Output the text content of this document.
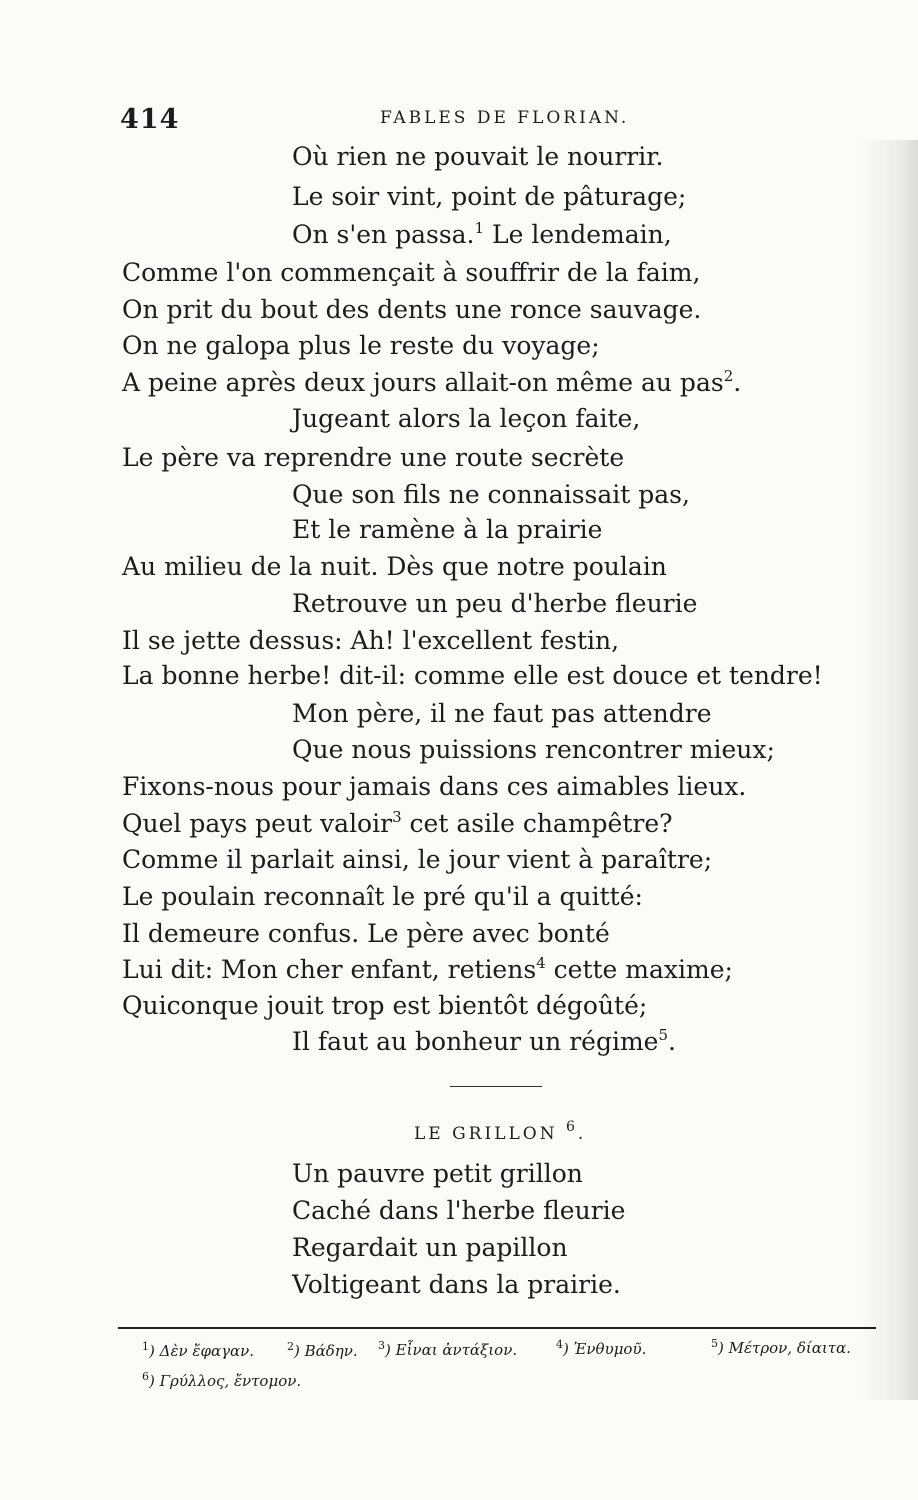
414	FABLES DE FLORIAN.
Où rien ne pouvait le nourrir.
Le soir vint, point de pâturage;
On s'en passa.$^1$ Le lendemain,
Comme l'on commençait à souffrir de la faim,
On prit du bout des dents une ronce sauvage.
On ne galopa plus le reste du voyage;
A peine après deux jours allait-on même au pas$^2$.
Jugeant alors la leçon faite,
Le père va reprendre une route secrète
Que son fils ne connaissait pas,
Et le ramène à la prairie
Au milieu de la nuit. Dès que notre poulain
Retrouve un peu d'herbe fleurie
Il se jette dessus: Ah! l'excellent festin,
La bonne herbe! dit-il: comme elle est douce et tendre!
Mon père, il ne faut pas attendre
Que nous puissions rencontrer mieux;
Fixons-nous pour jamais dans ces aimables lieux.
Quel pays peut valoir$^3$ cet asile champêtre?
Comme il parlait ainsi, le jour vient à paraître;
Le poulain reconnaît le pré qu'il a quitté:
Il demeure confus. Le père avec bonté
Lui dit: Mon cher enfant, retiens$^4$ cette maxime;
Quiconque jouit trop est bientôt dégoûté;
Il faut au bonheur un régime$^5$.
LE GRILLON $^6$.
Un pauvre petit grillon
Caché dans l'herbe fleurie
Regardait un papillon
Voltigeant dans la prairie.
$^1$) Δὲν ἔφαγαν.	$^2$) Βάδην. $^3$) Εἶναι ἀντάξιον.	$^4$) Ἐνθυμοῦ.	$^5$) Μέτρον, δίαιτα.
$^6$) Γρύλλος, ἔντομον.
